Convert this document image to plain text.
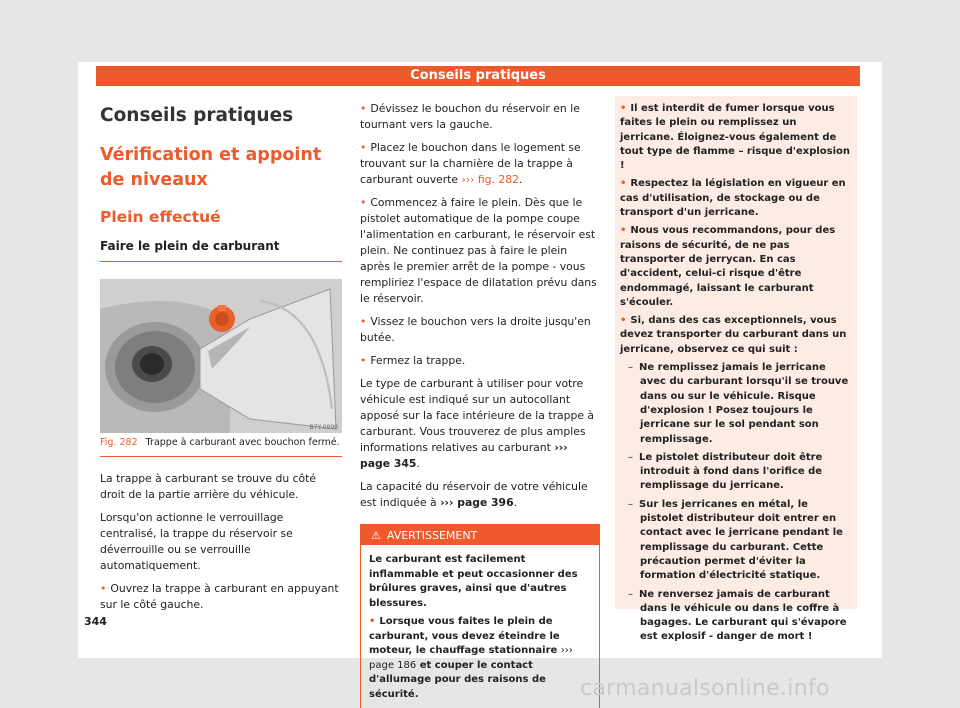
Conseils pratiques
Conseils pratiques
Vérification et appoint de niveaux
Plein effectué
Faire le plein de carburant
B7Y-0990
Fig. 282 Trappe à carburant avec bouchon fermé.

La trappe à carburant se trouve du côté droit de la partie arrière du véhicule.

Lorsqu'on actionne le verrouillage centralisé, la trappe du réservoir se déverrouille ou se verrouille automatiquement.

• Ouvrez la trappe à carburant en appuyant sur le côté gauche.

• Dévissez le bouchon du réservoir en le tournant vers la gauche.

• Placez le bouchon dans le logement se trouvant sur la charnière de la trappe à carburant ouverte ››› fig. 282.

• Commencez à faire le plein. Dès que le pistolet automatique de la pompe coupe l'alimentation en carburant, le réservoir est plein. Ne continuez pas à faire le plein après le premier arrêt de la pompe - vous rempliriez l'espace de dilatation prévu dans le réservoir.

• Vissez le bouchon vers la droite jusqu'en butée.

• Fermez la trappe.

Le type de carburant à utiliser pour votre véhicule est indiqué sur un autocollant apposé sur la face intérieure de la trappe à carburant. Vous trouverez de plus amples informations relatives au carburant ››› page 345.

La capacité du réservoir de votre véhicule est indiquée à ››› page 396.

⚠ AVERTISSEMENT

Le carburant est facilement inflammable et peut occasionner des brûlures graves, ainsi que d'autres blessures.

• Lorsque vous faites le plein de carburant, vous devez éteindre le moteur, le chauffage stationnaire ››› page 186 et couper le contact d'allumage pour des raisons de sécurité.

• Il est interdit de fumer lorsque vous faites le plein ou remplissez un jerricane. Éloignez-vous également de tout type de flamme – risque d'explosion !

• Respectez la législation en vigueur en cas d'utilisation, de stockage ou de transport d'un jerricane.

• Nous vous recommandons, pour des raisons de sécurité, de ne pas transporter de jerrycan. En cas d'accident, celui-ci risque d'être endommagé, laissant le carburant s'écouler.

• Si, dans des cas exceptionnels, vous devez transporter du carburant dans un jerricane, observez ce qui suit :

– Ne remplissez jamais le jerricane avec du carburant lorsqu'il se trouve dans ou sur le véhicule. Risque d'explosion ! Posez toujours le jerricane sur le sol pendant son remplissage.

– Le pistolet distributeur doit être introduit à fond dans l'orifice de remplissage du jerricane.

– Sur les jerricanes en métal, le pistolet distributeur doit entrer en contact avec le jerricane pendant le remplissage du carburant. Cette précaution permet d'éviter la formation d'électricité statique.

– Ne renversez jamais de carburant dans le véhicule ou dans le coffre à bagages. Le carburant qui s'évapore est explosif - danger de mort !

344
carmanualsonline.info
